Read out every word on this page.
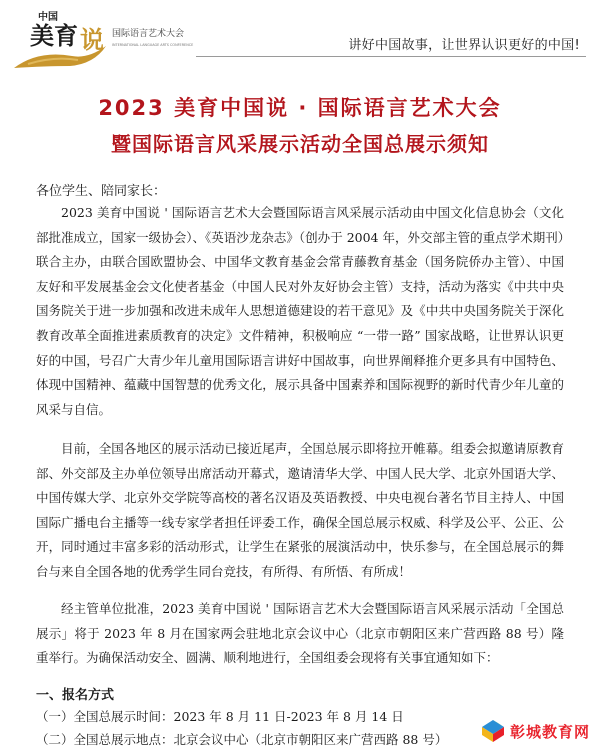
中国
美育 说 国际语言艺术大会
INTERNATIONAL LANGUAGE ARTS CONFERENCE	讲好中国故事，让世界认识更好的中国!
2023 美育中国说 · 国际语言艺术大会
暨国际语言风采展示活动全国总展示须知
各位学生、陪同家长：

2023 美育中国说 ' 国际语言艺术大会暨国际语言风采展示活动由中国文化信息协会（文化部批准成立，国家一级协会）、《英语沙龙杂志》（创办于 2004 年，外交部主管的重点学术期刊）联合主办，由联合国欧盟协会、中国华文教育基金会常青藤教育基金（国务院侨办主管）、中国友好和平发展基金会文化使者基金（中国人民对外友好协会主管）支持，活动为落实《中共中央国务院关于进一步加强和改进未成年人思想道德建设的若干意见》及《中共中央国务院关于深化教育改革全面推进素质教育的决定》文件精神，积极响应 “一带一路” 国家战略，让世界认识更好的中国，号召广大青少年儿童用国际语言讲好中国故事，向世界阐释推介更多具有中国特色、体现中国精神、蕴藏中国智慧的优秀文化，展示具备中国素养和国际视野的新时代青少年儿童的风采与自信。

目前，全国各地区的展示活动已接近尾声，全国总展示即将拉开帷幕。组委会拟邀请原教育部、外交部及主办单位领导出席活动开幕式，邀请清华大学、中国人民大学、北京外国语大学、中国传媒大学、北京外交学院等高校的著名汉语及英语教授、中央电视台著名节目主持人、中国国际广播电台主播等一线专家学者担任评委工作，确保全国总展示权威、科学及公平、公正、公开，同时通过丰富多彩的活动形式，让学生在紧张的展演活动中，快乐参与，在全国总展示的舞台与来自全国各地的优秀学生同台竞技，有所得、有所悟、有所成！

经主管单位批准，2023 美育中国说 ' 国际语言艺术大会暨国际语言风采展示活动「全国总展示」将于 2023 年 8 月在国家两会驻地北京会议中心（北京市朝阳区来广营西路 88 号）隆重举行。为确保活动安全、圆满、顺利地进行，全国组委会现将有关事宜通知如下：

一、报名方式
（一）全国总展示时间：2023 年 8 月 11 日-2023 年 8 月 14 日
（二）全国总展示地点：北京会议中心（北京市朝阳区来广营西路 88 号）	彰城教育网
